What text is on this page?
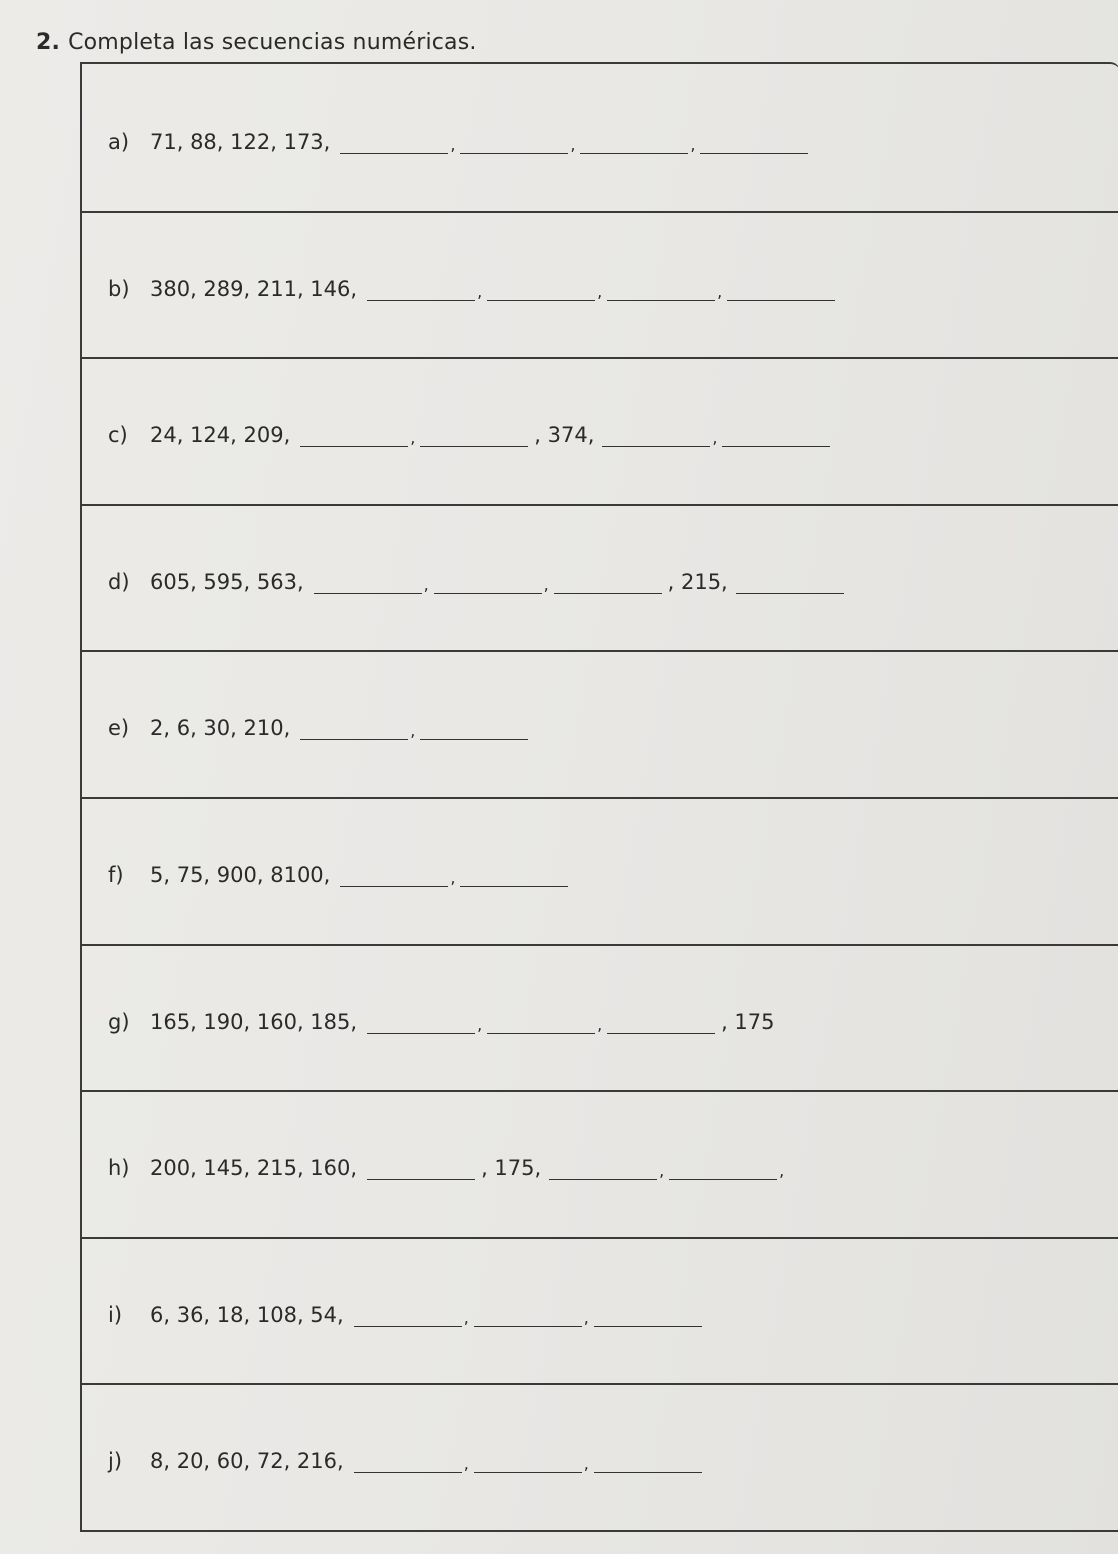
2. Completa las secuencias numéricas.
a) 71, 88, 122, 173,	,	,	,
b) 380, 289, 211, 146,	,	,	,
c)	24, 124, 209,	,	, 374,	,
d) 605, 595, 563,	,	,	, 215,
e) 2, 6, 30, 210,	,
f)	5, 75, 900, 8100,	,
g) 165, 190, 160, 185,	,	,	, 175
h) 200, 145, 215, 160,	, 175,	,	,
i)	6, 36, 18, 108, 54,	,	,
j)	8, 20, 60, 72, 216,	,	,
